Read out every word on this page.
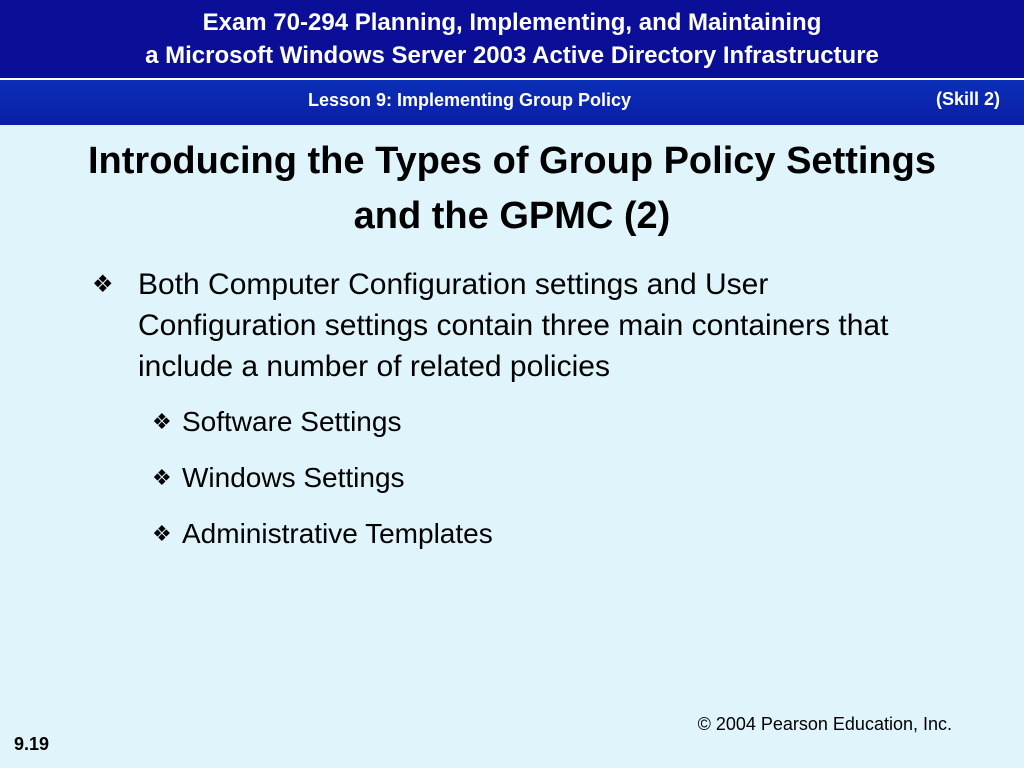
Exam 70-294 Planning, Implementing, and Maintaining
a Microsoft Windows Server 2003 Active Directory Infrastructure
Lesson 9: Implementing Group Policy	(Skill 2)
Introducing the Types of Group Policy Settings
and the GPMC (2)
❖ Both Computer Configuration settings and User Configuration settings contain three main containers that include a number of related policies
❖ Software Settings
❖ Windows Settings
❖ Administrative Templates
© 2004 Pearson Education, Inc.
9.19
